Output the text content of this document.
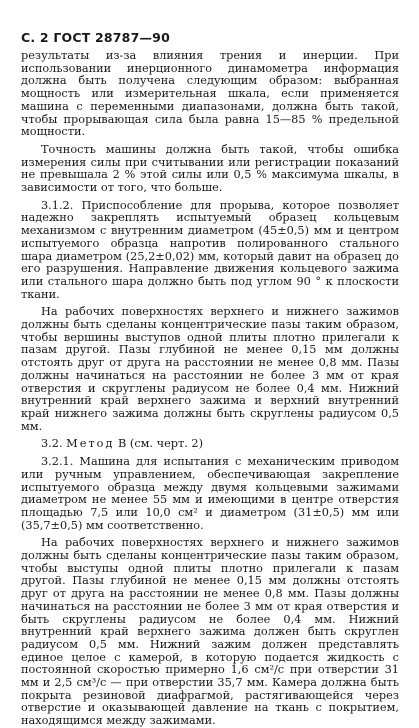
С. 2 ГОСТ 28787—90

результаты из-за влияния трения и инерции. При использовании инерционного динамометра информация должна быть получена следующим образом: выбранная мощность или измерительная шкала, если применяется машина с переменными диапазонами, должна быть такой, чтобы прорывающая сила была равна 15—85 % предельной мощности.

Точность машины должна быть такой, чтобы ошибка измерения силы при считывании или регистрации показаний не превышала 2 % этой силы или 0,5 % максимума шкалы, в зависимости от того, что больше.

3.1.2. Приспособление для прорыва, которое позволяет надежно закреплять испытуемый образец кольцевым механизмом с внутренним диаметром (45±0,5) мм и центром испытуемого образца напротив полированного стального шара диаметром (25,2±0,02) мм, который давит на образец до его разрушения. Направление движения кольцевого зажима или стального шара должно быть под углом 90 ° к плоскости ткани.

На рабочих поверхностях верхнего и нижнего зажимов должны быть сделаны концентрические пазы таким образом, чтобы вершины выступов одной плиты плотно прилегали к пазам другой. Пазы глубиной не менее 0,15 мм должны отстоять друг от друга на расстоянии не менее 0,8 мм. Пазы должны начинаться на расстоянии не более 3 мм от края отверстия и скруглены радиусом не более 0,4 мм. Нижний внутренний край верхнего зажима и верхний внутренний край нижнего зажима должны быть скруглены радиусом 0,5 мм.

3.2. Метод В (см. черт. 2)

3.2.1. Машина для испытания с механическим приводом или ручным управлением, обеспечивающая закрепление испытуемого образца между двумя кольцевыми зажимами диаметром не менее 55 мм и имеющими в центре отверстия площадью 7,5 или 10,0 см² и диаметром (31±0,5) мм или (35,7±0,5) мм соответственно.

На рабочих поверхностях верхнего и нижнего зажимов должны быть сделаны концентрические пазы таким образом, чтобы выступы одной плиты плотно прилегали к пазам другой. Пазы глубиной не менее 0,15 мм должны отстоять друг от друга на расстоянии не менее 0,8 мм. Пазы должны начинаться на расстоянии не более 3 мм от края отверстия и быть скруглены радиусом не более 0,4 мм. Нижний внутренний край верхнего зажима должен быть скруглен радиусом 0,5 мм. Нижний зажим должен представлять единое целое с камерой, в которую подается жидкость с постоянной скоростью примерно 1,6 см²/с при отверстии 31 мм и 2,5 см³/с — при отверстии 35,7 мм. Камера должна быть покрыта резиновой диафрагмой, растягивающейся через отверстие и оказывающей давление на ткань с покрытием, находящимся между зажимами.
